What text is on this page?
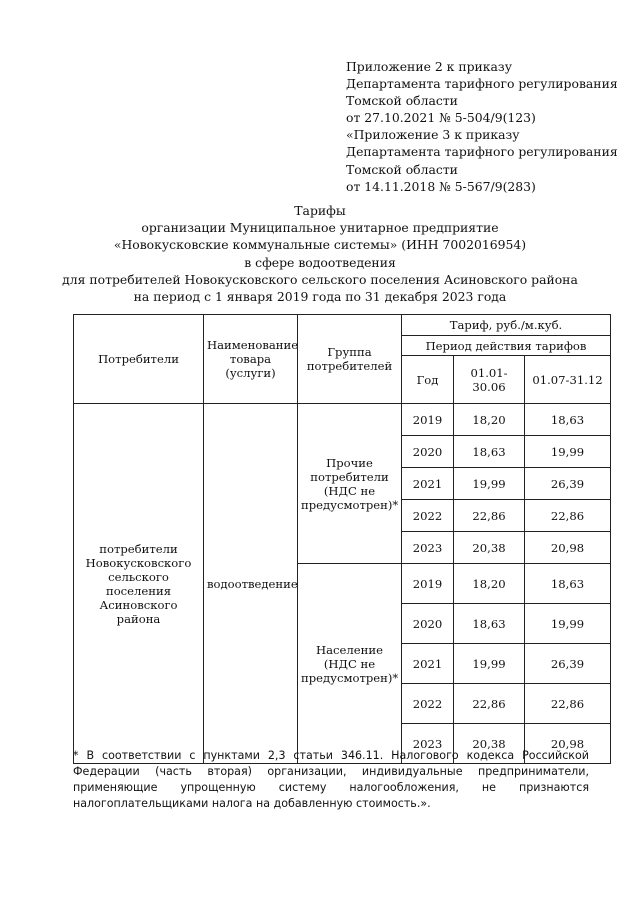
Приложение 2 к приказу
Департамента тарифного регулирования
Томской области
от 27.10.2021 № 5-504/9(123)
«Приложение 3 к приказу
Департамента тарифного регулирования
Томской области
от 14.11.2018 № 5-567/9(283)
Тарифы
организации Муниципальное унитарное предприятие
«Новокусковские коммунальные системы» (ИНН 7002016954)
в сфере водоотведения
для потребителей Новокусковского сельского поселения Асиновского района
на период с 1 января 2019 года по 31 декабря 2023 года
Потребители	Наименование товара (услуги)	Группа потребителей	Тариф, руб./м.куб.		
			Период действия тарифов		
			Год	01.01-30.06	01.07-31.12
потребители Новокусковского сельского поселения Асиновского района	водоотведение	Прочие потребители (НДС не предусмотрен)*	2019	18,20	18,63
			2020	18,63	19,99
			2021	19,99	26,39
			2022	22,86	22,86
			2023	20,38	20,98
		Население (НДС не предусмотрен)*	2019	18,20	18,63
			2020	18,63	19,99
			2021	19,99	26,39
			2022	22,86	22,86
			2023	20,38	20,98
* В соответствии с пунктами 2,3 статьи 346.11. Налогового кодекса Российской Федерации (часть вторая) организации, индивидуальные предприниматели, применяющие упрощенную систему налогообложения, не признаются налогоплательщиками налога на добавленную стоимость.».
